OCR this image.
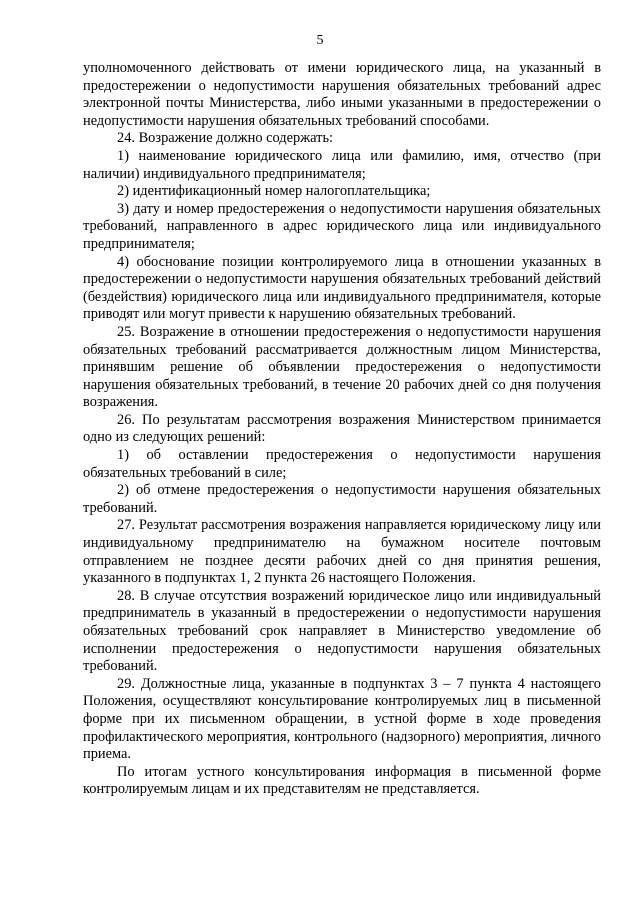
5

уполномоченного действовать от имени юридического лица, на указанный в предостережении о недопустимости нарушения обязательных требований адрес электронной почты Министерства, либо иными указанными в предостережении о недопустимости нарушения обязательных требований способами.

24. Возражение должно содержать:

1) наименование юридического лица или фамилию, имя, отчество (при наличии) индивидуального предпринимателя;

2) идентификационный номер налогоплательщика;

3) дату и номер предостережения о недопустимости нарушения обязательных требований, направленного в адрес юридического лица или индивидуального предпринимателя;

4) обоснование позиции контролируемого лица в отношении указанных в предостережении о недопустимости нарушения обязательных требований действий (бездействия) юридического лица или индивидуального предпринимателя, которые приводят или могут привести к нарушению обязательных требований.

25. Возражение в отношении предостережения о недопустимости нарушения обязательных требований рассматривается должностным лицом Министерства, принявшим решение об объявлении предостережения о недопустимости нарушения обязательных требований, в течение 20 рабочих дней со дня получения возражения.

26. По результатам рассмотрения возражения Министерством принимается одно из следующих решений:

1) об оставлении предостережения о недопустимости нарушения обязательных требований в силе;

2) об отмене предостережения о недопустимости нарушения обязательных требований.

27. Результат рассмотрения возражения направляется юридическому лицу или индивидуальному предпринимателю на бумажном носителе почтовым отправлением не позднее десяти рабочих дней со дня принятия решения, указанного в подпунктах 1, 2 пункта 26 настоящего Положения.

28. В случае отсутствия возражений юридическое лицо или индивидуальный предприниматель в указанный в предостережении о недопустимости нарушения обязательных требований срок направляет в Министерство уведомление об исполнении предостережения о недопустимости нарушения обязательных требований.

29. Должностные лица, указанные в подпунктах 3 – 7 пункта 4 настоящего Положения, осуществляют консультирование контролируемых лиц в письменной форме при их письменном обращении, в устной форме в ходе проведения профилактического мероприятия, контрольного (надзорного) мероприятия, личного приема.

По итогам устного консультирования информация в письменной форме контролируемым лицам и их представителям не представляется.
